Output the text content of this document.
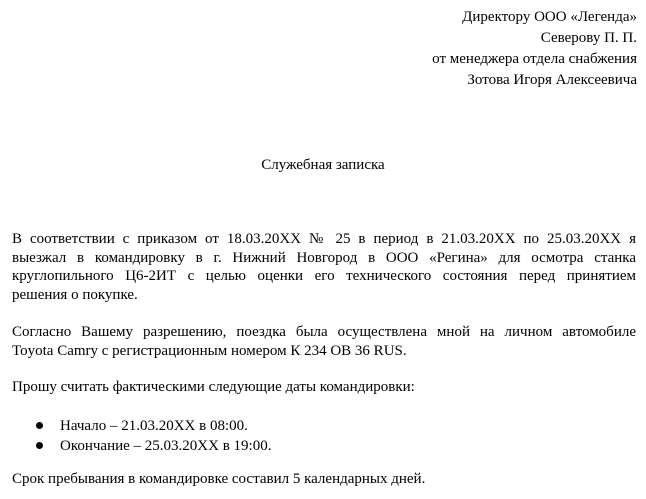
Директору ООО «Легенда»
Северову П. П.
от менеджера отдела снабжения
Зотова Игоря Алексеевича
Служебная записка
В соответствии с приказом от 18.03.20ХХ № 25 в период в 21.03.20ХХ по 25.03.20ХХ я
выезжал в командировку в г. Нижний Новгород в ООО «Регина» для осмотра станка
круглопильного Ц6-2ИТ с целью оценки его технического состояния перед принятием
решения о покупке.
Согласно Вашему разрешению, поездка была осуществлена мной на личном автомобиле
Toyota Camry с регистрационным номером К 234 ОВ 36 RUS.
Прошу считать фактическими следующие даты командировки:
Начало – 21.03.20ХХ в 08:00.
Окончание – 25.03.20ХХ в 19:00.
Срок пребывания в командировке составил 5 календарных дней.
